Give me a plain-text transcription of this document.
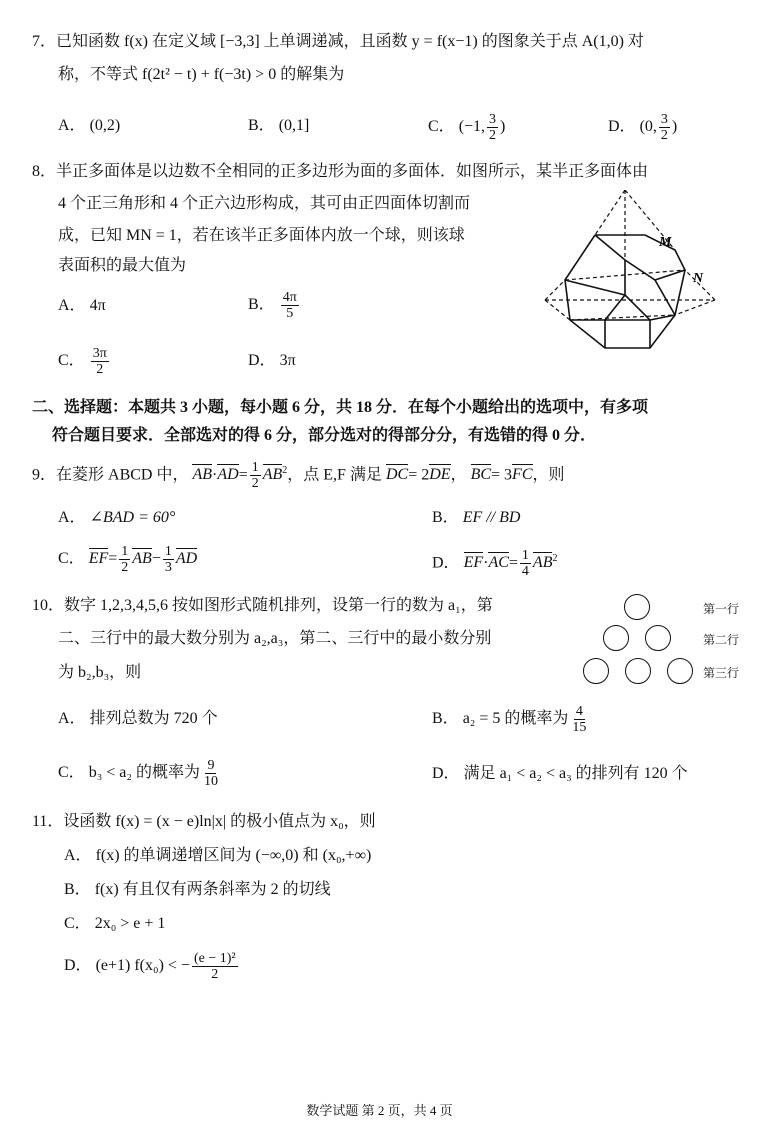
7．已知函数 f(x) 在定义域 [−3,3] 上单调递减，且函数 y = f(x−1) 的图象关于点 A(1,0) 对
称，不等式 f(2t² − t) + f(−3t) > 0 的解集为
A． (0,2)	B． (0,1]	C． (−1, $\frac{3}{2}$ )	D． (0, $\frac{3}{2}$ )
8．半正多面体是以边数不全相同的正多边形为面的多面体．如图所示，某半正多面体由
4 个正三角形和 4 个正六边形构成，其可由正四面体切割而
成，已知 MN = 1，若在该半正多面体内放一个球，则该球
表面积的最大值为
A． 4π	B． $\frac{4\pi}{5}$
C． $\frac{3\pi}{2}$	D． 3π
M
N
二、选择题：本题共 3 小题，每小题 6 分，共 18 分．在每个小题给出的选项中，有多项
符合题目要求．全部选对的得 6 分，部分选对的得部分分，有选错的得 0 分．
9．在菱形 ABCD 中， $AB\cdot AD= \frac{1}{2} AB^2$，点 E,F 满足 DC= 2DE， BC= 3FC，则
A． ∠BAD = 60°	B． EF // BD
C． $EF= \frac{1}{2} AB- \frac{1}{3}$ AD	D． $EF\cdot AC= \frac{1}{4} AB^2$
10．数字 1,2,3,4,5,6 按如图形式随机排列，设第一行的数为 a₁，第
二、三行中的最大数分别为 a₂,a₃，第二、三行中的最小数分别
为 b₂,b₃，则
第一行
第二行
第三行
A． 排列总数为 720 个	B． a₂ = 5 的概率为 $\frac{4}{15}$
C． b₃ < a₂ 的概率为 $\frac{9}{10}$	D． 满足 a₁ < a₂ < a₃ 的排列有 120 个
11．设函数 f(x) = (x − e)ln|x| 的极小值点为 x₀，则
A． f(x) 的单调递增区间为 (−∞,0) 和 (x₀,+∞)
B． f(x) 有且仅有两条斜率为 2 的切线
C． 2x₀ > e + 1
D． (e+1) f(x₀) < − $\frac{\text{(e − 1)²}}{2}$
数学试题 第 2 页，共 4 页
